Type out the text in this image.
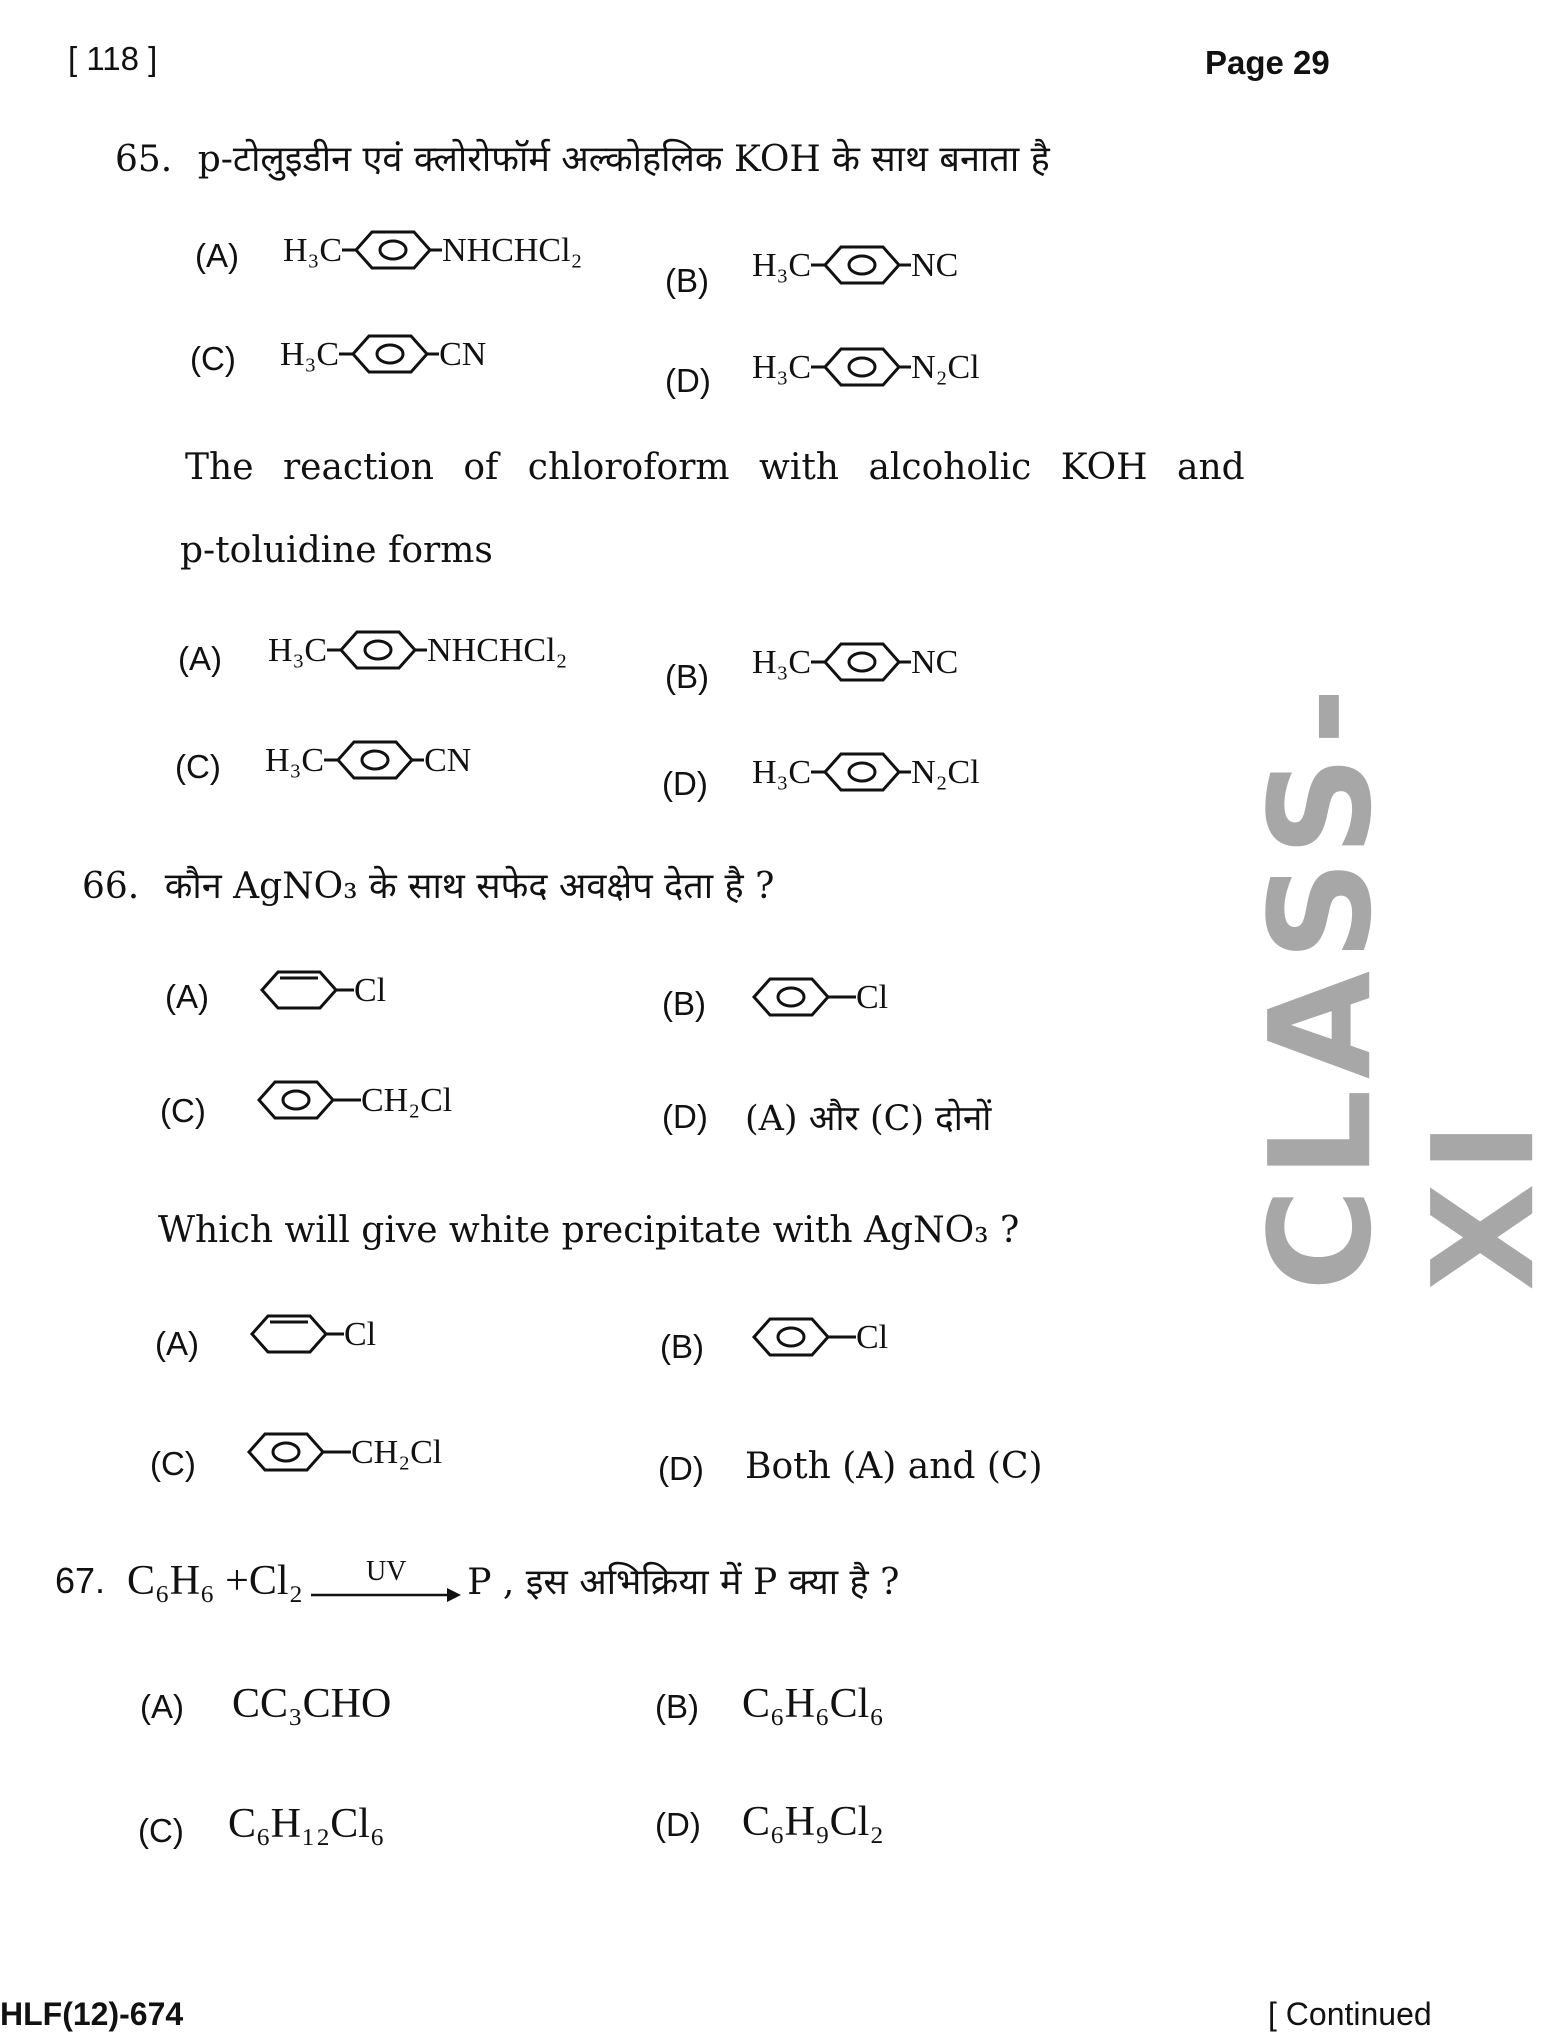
[ 118 ]	Page 29
CLASS-XI
65. p-टोलुइडीन एवं क्लोरोफॉर्म अल्कोहलिक KOH के साथ बनाता है
(A) H₃C	NHCHCl₂
(B) H₃C	NC
(C) H₃C	CN
(D) H₃C	N₂Cl
The reaction of chloroform with alcoholic KOH and
p-toluidine forms
(A) H₃C	NHCHCl₂
(B) H₃C	NC
(C) H₃C	CN
(D) H₃C	N₂Cl
66. कौन AgNO₃ के साथ सफेद अवक्षेप देता है ?
(A)	Cl	(B)	Cl
(C)	CH₂Cl	(D) (A) और (C) दोनों
Which will give white precipitate with AgNO₃ ?
(A)	Cl	(B)	Cl
(C)	CH₂Cl	(D) Both (A) and (C)
67. C₆H₆ +Cl₂ UV P , इस अभिक्रिया में P क्या है ?
(A) CC₃CHO	(B) C₆H₆Cl₆
(C) C₆H₁₂Cl₆	(D) C₆H₉Cl₂
HLF(12)-674	[ Continued
